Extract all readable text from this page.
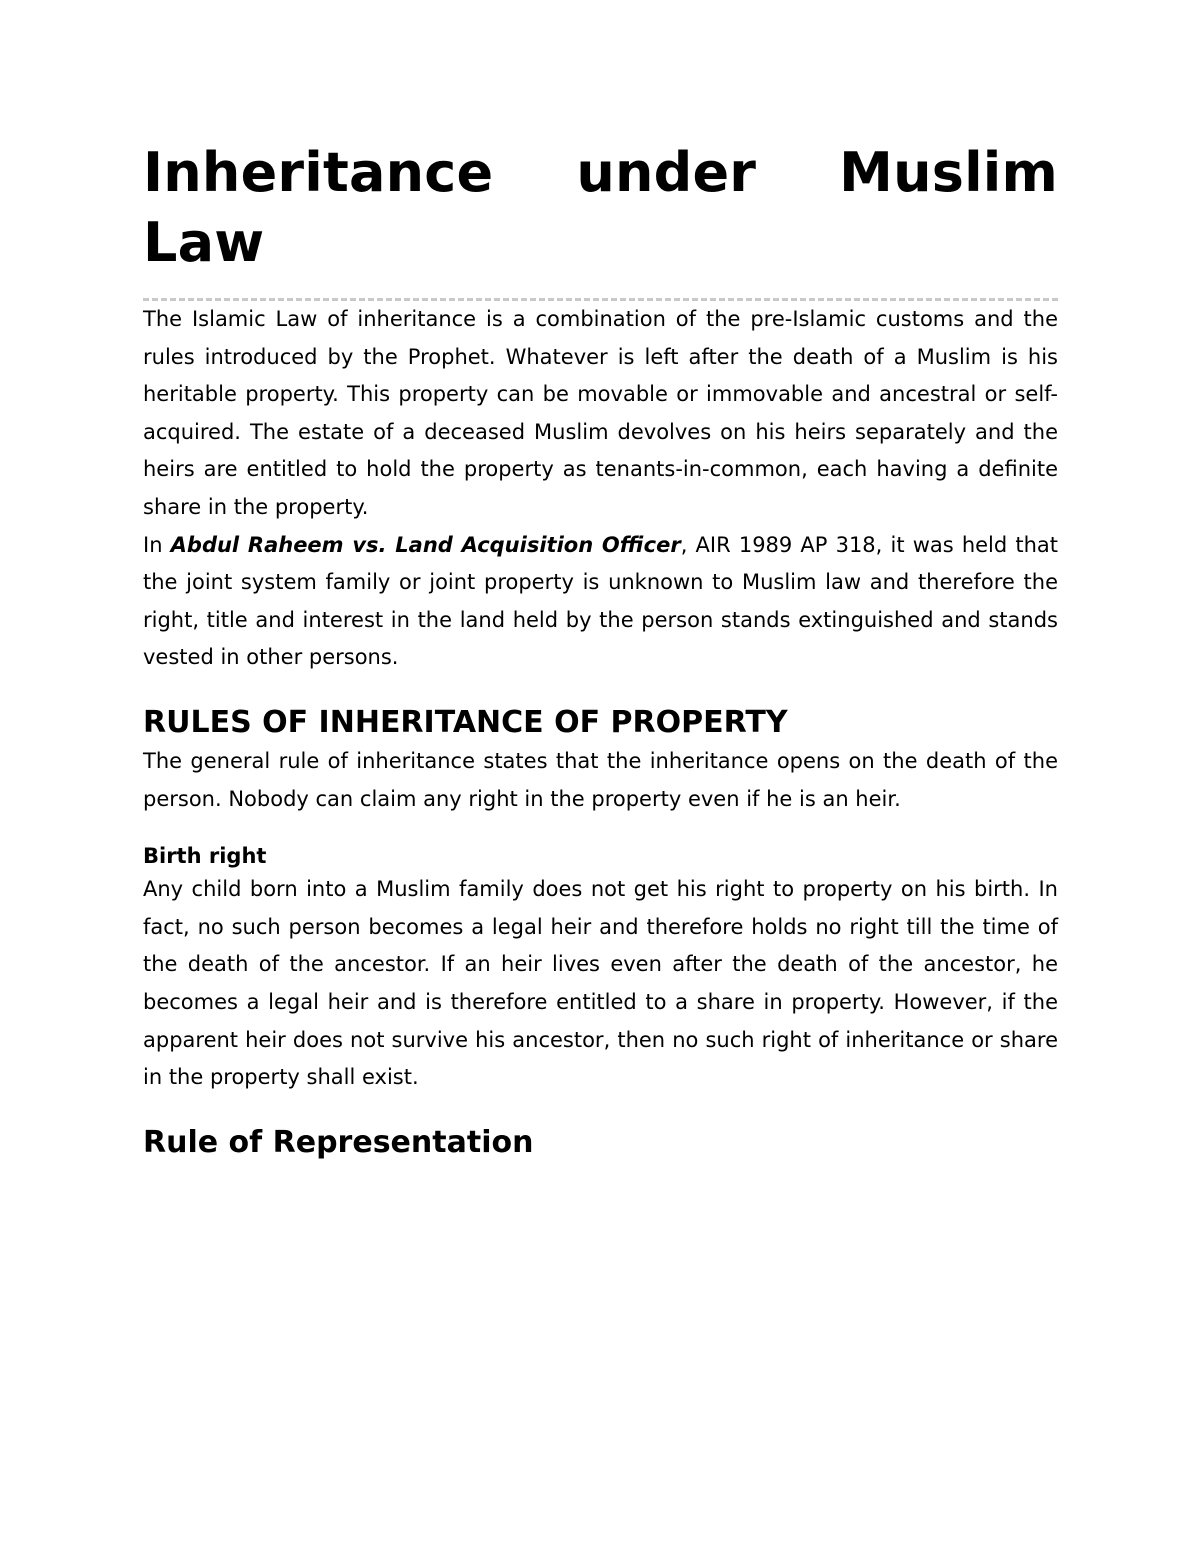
Inheritance under Muslim Law

The Islamic Law of inheritance is a combination of the pre-Islamic customs and the rules introduced by the Prophet. Whatever is left after the death of a Muslim is his heritable property. This property can be movable or immovable and ancestral or self-acquired. The estate of a deceased Muslim devolves on his heirs separately and the heirs are entitled to hold the property as tenants-in-common, each having a definite share in the property.

In Abdul Raheem vs. Land Acquisition Officer, AIR 1989 AP 318, it was held that the joint system family or joint property is unknown to Muslim law and therefore the right, title and interest in the land held by the person stands extinguished and stands vested in other persons.

RULES OF INHERITANCE OF PROPERTY

The general rule of inheritance states that the inheritance opens on the death of the person. Nobody can claim any right in the property even if he is an heir.

Birth right

Any child born into a Muslim family does not get his right to property on his birth. In fact, no such person becomes a legal heir and therefore holds no right till the time of the death of the ancestor. If an heir lives even after the death of the ancestor, he becomes a legal heir and is therefore entitled to a share in property. However, if the apparent heir does not survive his ancestor, then no such right of inheritance or share in the property shall exist.

Rule of Representation
